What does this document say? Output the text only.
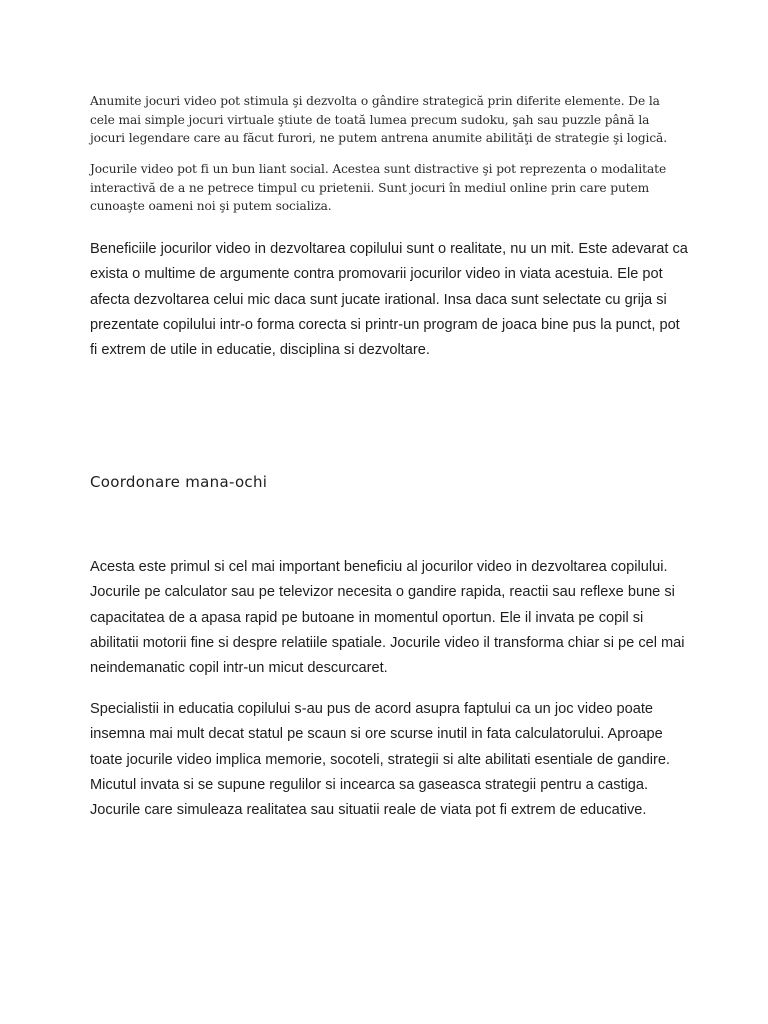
Anumite jocuri video pot stimula şi dezvolta o gândire strategică prin diferite elemente. De la cele mai simple jocuri virtuale ştiute de toată lumea precum sudoku, şah sau puzzle până la jocuri legendare care au făcut furori, ne putem antrena anumite abilităţi de strategie şi logică.

Jocurile video pot fi un bun liant social. Acestea sunt distractive şi pot reprezenta o modalitate interactivă de a ne petrece timpul cu prietenii. Sunt jocuri în mediul online prin care putem cunoaşte oameni noi şi putem socializa.

Beneficiile jocurilor video in dezvoltarea copilului sunt o realitate, nu un mit. Este adevarat ca exista o multime de argumente contra promovarii jocurilor video in viata acestuia. Ele pot afecta dezvoltarea celui mic daca sunt jucate irational. Insa daca sunt selectate cu grija si prezentate copilului intr-o forma corecta si printr-un program de joaca bine pus la punct, pot fi extrem de utile in educatie, disciplina si dezvoltare.

Coordonare mana-ochi

Acesta este primul si cel mai important beneficiu al jocurilor video in dezvoltarea copilului. Jocurile pe calculator sau pe televizor necesita o gandire rapida, reactii sau reflexe bune si capacitatea de a apasa rapid pe butoane in momentul oportun. Ele il invata pe copil si abilitatii motorii fine si despre relatiile spatiale. Jocurile video il transforma chiar si pe cel mai neindemanatic copil intr-un micut descurcaret.

Specialistii in educatia copilului s-au pus de acord asupra faptului ca un joc video poate insemna mai mult decat statul pe scaun si ore scurse inutil in fata calculatorului. Aproape toate jocurile video implica memorie, socoteli, strategii si alte abilitati esentiale de gandire. Micutul invata si se supune regulilor si incearca sa gaseasca strategii pentru a castiga. Jocurile care simuleaza realitatea sau situatii reale de viata pot fi extrem de educative.
